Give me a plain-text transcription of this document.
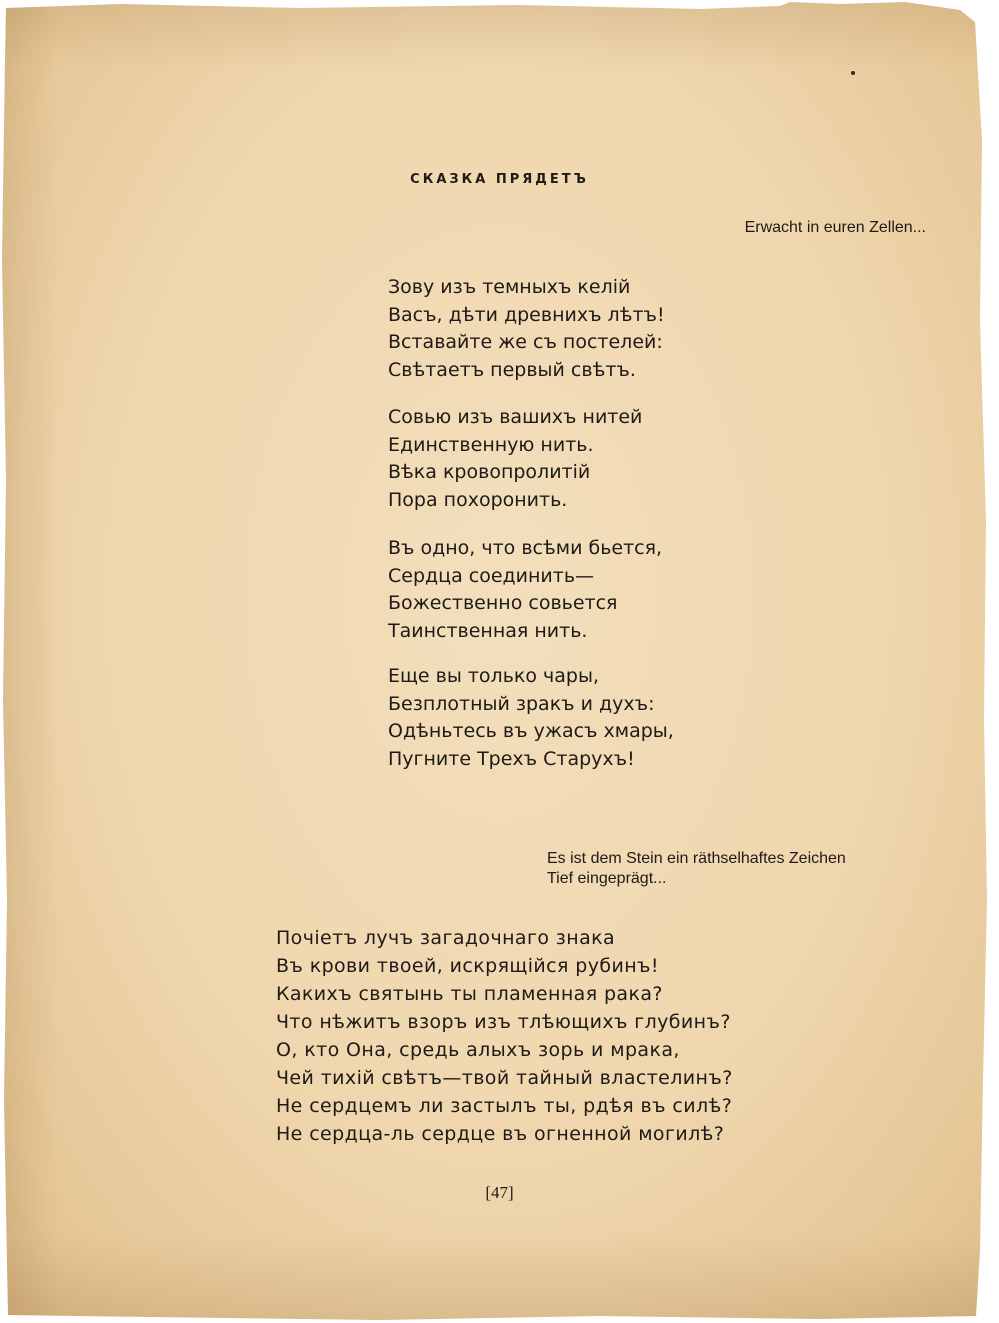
СКАЗКА ПРЯДЕТЪ
Erwacht in euren Zellen...
Зову изъ темныхъ келій
Васъ, дѣти древнихъ лѣтъ!
Вставайте же съ постелей:
Свѣтаетъ первый свѣтъ.
Совью изъ вашихъ нитей
Единственную нить.
Вѣка кровопролитій
Пора похоронить.
Въ одно, что всѣми бьется,
Сердца соединить—
Божественно совьется
Таинственная нить.
Еще вы только чары,
Безплотный зракъ и духъ:
Одѣньтесь въ ужасъ хмары,
Пугните Трехъ Старухъ!
Es ist dem Stein ein räthselhaftes Zeichen
Tief eingeprägt...
Почіетъ лучъ загадочнаго знака
Въ крови твоей, искрящійся рубинъ!
Какихъ святынь ты пламенная рака?
Что нѣжитъ взоръ изъ тлѣющихъ глубинъ?
О, кто Она, средь алыхъ зорь и мрака,
Чей тихій свѣтъ—твой тайный властелинъ?
Не сердцемъ ли застылъ ты, рдѣя въ силѣ?
Не сердца-ль сердце въ огненной могилѣ?
[47]
